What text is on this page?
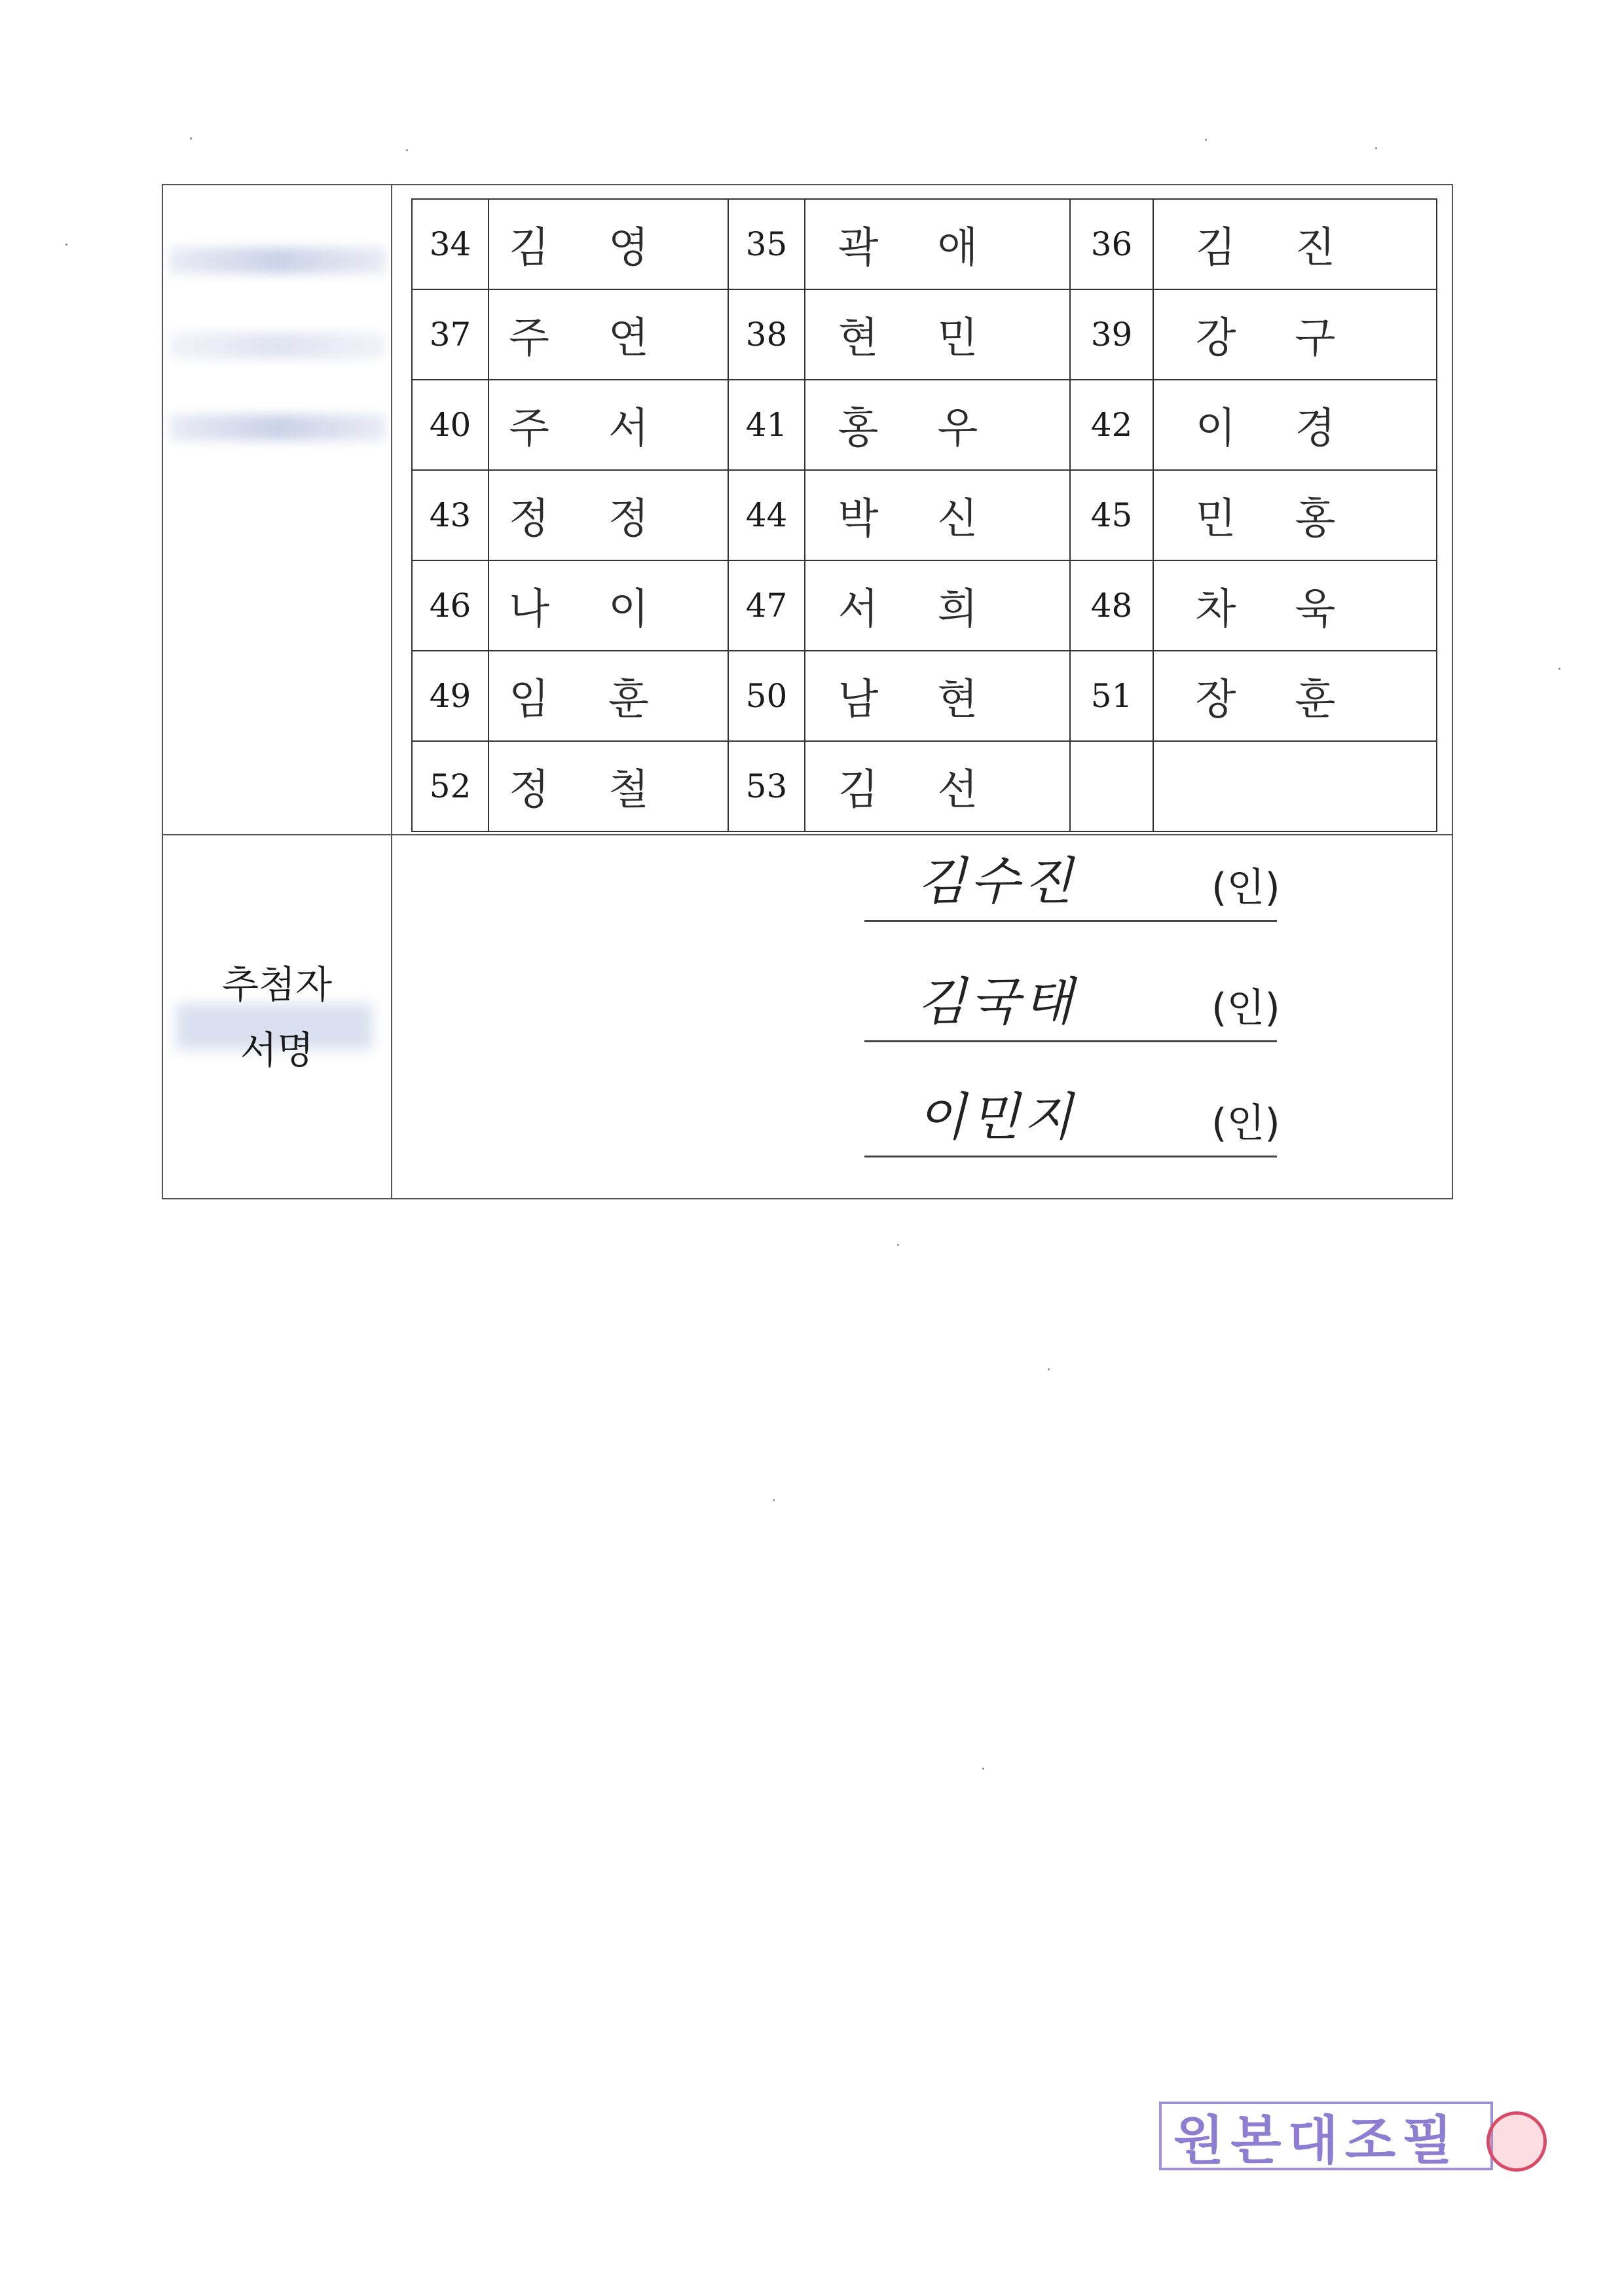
34	김영	35	곽애	36	김진
37	주연	38	현민	39	강구
40	주서	41	홍우	42	이경
43	정정	44	박신	45	민홍
46	나이	47	서희	48	차욱
49	임훈	50	남현	51	장훈
52	정철	53	김선		
추첨자
서명
김수진	(인)
김국태	(인)
이민지	(인)
원본대조필
